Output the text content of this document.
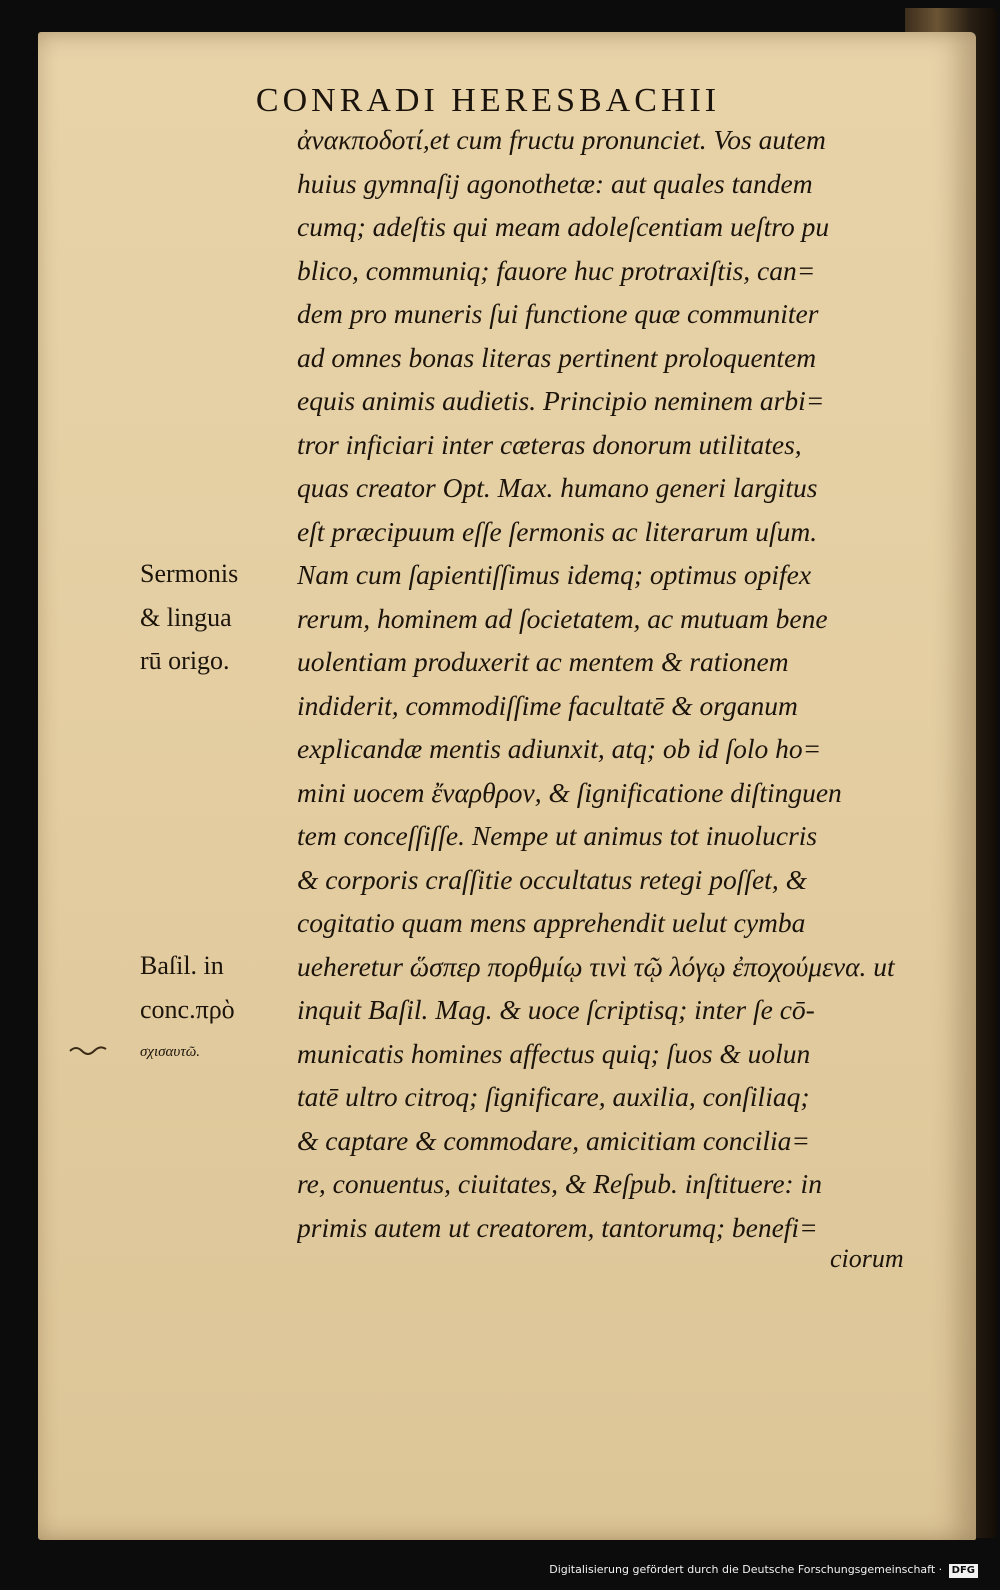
CONRADI HERESBACHII
ἀνακποδοτί,et cum fructu pronunciet. Vos autem
huius gymnaſij agonothetæ: aut quales tandem
cumq; adeſtis qui meam adoleſcentiam ueſtro pu
blico, communiq; fauore huc protraxiſtis, can=
dem pro muneris ſui functione quæ communiter
ad omnes bonas literas pertinent proloquentem
equis animis audietis. Principio neminem arbi=
tror inficiari inter cæteras donorum utilitates,
quas creator Opt. Max. humano generi largitus
eſt præcipuum eſſe ſermonis ac literarum uſum.
Nam cum ſapientiſſimus idemq; optimus opifex
rerum, hominem ad ſocietatem, ac mutuam bene
uolentiam produxerit ac mentem & rationem
indiderit, commodiſſime facultatē & organum
explicandæ mentis adiunxit, atq; ob id ſolo ho=
mini uocem ἔναρθρον, & ſignificatione diſtinguen
tem conceſſiſſe. Nempe ut animus tot inuolucris
& corporis craſſitie occultatus retegi poſſet, &
cogitatio quam mens apprehendit uelut cymba
ueheretur ὥσπερ πορθμίῳ τινὶ τῷ λόγῳ ἐποχούμενα. ut
inquit Baſil. Mag. & uoce ſcriptisq; inter ſe cō-
municatis homines affectus quiq; ſuos & uolun
tatē ultro citroq; ſignificare, auxilia, conſiliaq;
& captare & commodare, amicitiam concilia=
re, conuentus, ciuitates, & Reſpub. inſtituere: in
primis autem ut creatorem, tantorumq; benefi=
ciorum
Sermonis
& lingua
rū origo.
Baſil. in
conc.πρὸ
σχισαυτῶ.
Digitalisierung gefördert durch die Deutsche Forschungsgemeinschaft · DFG
